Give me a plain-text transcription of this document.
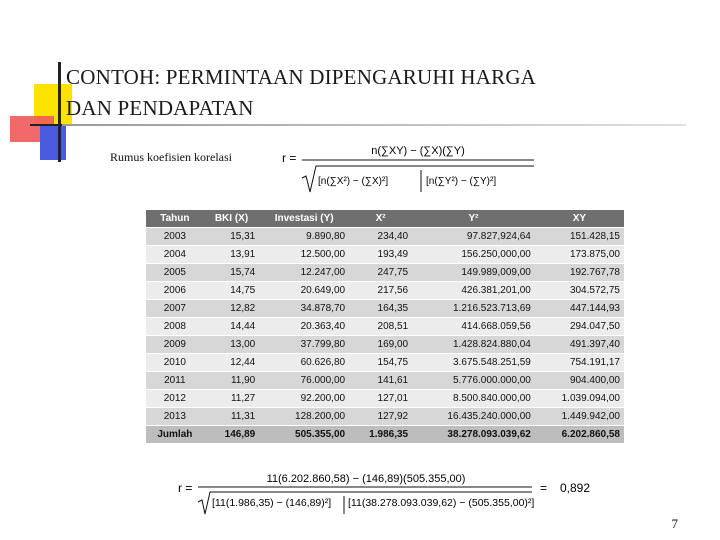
CONTOH: PERMINTAAN DIPENGARUHI HARGA
DAN PENDAPATAN
Rumus koefisien korelasi	r =	n(∑XY) − (∑X)(∑Y)
[n(∑X²) − (∑X)²]	[n(∑Y²) − (∑Y)²]
Tahun	BKI (X)	Investasi (Y)	X²	Y²	XY
2003	15,31	9.890,80	234,40	97.827,924,64	151.428,15
2004	13,91	12.500,00	193,49	156.250,000,00	173.875,00
2005	15,74	12.247,00	247,75	149.989,009,00	192.767,78
2006	14,75	20.649,00	217,56	426.381,201,00	304.572,75
2007	12,82	34.878,70	164,35	1.216.523.713,69	447.144,93
2008	14,44	20.363,40	208,51	414.668.059,56	294.047,50
2009	13,00	37.799,80	169,00	1.428.824.880,04	491.397,40
2010	12,44	60.626,80	154,75	3.675.548.251,59	754.191,17
2011	11,90	76.000,00	141,61	5.776.000.000,00	904.400,00
2012	11,27	92.200,00	127,01	8.500.840.000,00	1.039.094,00
2013	11,31	128.200,00	127,92	16.435.240.000,00	1.449.942,00
Jumlah	146,89	505.355,00	1.986,35	38.278.093.039,62	6.202.860,58
r =
11(6.202.860,58) − (146,89)(505.355,00)
[11(1.986,35) − (146,89)²] [11(38.278.093.039,62) − (505.355,00)²]
= 0,892
7
